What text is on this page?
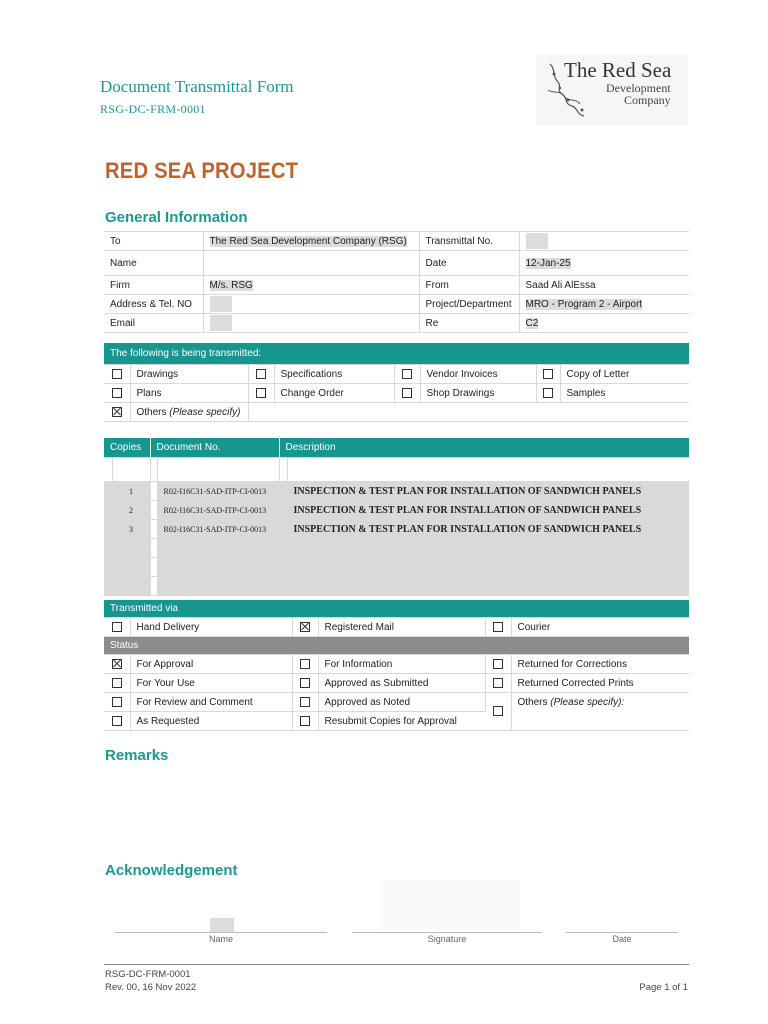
Document Transmittal Form
RSG-DC-FRM-0001
The Red Sea
Development
Company
RED SEA PROJECT
General Information
To	The Red Sea Development Company (RSG)	Transmittal No.	
Name		Date	12-Jan-25
Firm	M/s. RSG	From	Saad Ali AlEssa
Address & Tel. NO		Project/Department	MRO - Program 2 - Airport
Email		Re	C2
The following is being transmitted:							
	Drawings		Specifications		Vendor Invoices		Copy of Letter
	Plans		Change Order		Shop Drawings		Samples
	Others (Please specify)						
Copies		Document No.		Description	

	1		R02-I16C31-SAD-ITP-CI-0013		INSPECTION & TEST PLAN FOR INSTALLATION OF SANDWICH PANELS
	2		R02-I16C31-SAD-ITP-CI-0013		INSPECTION & TEST PLAN FOR INSTALLATION OF SANDWICH PANELS
	3		R02-I16C31-SAD-ITP-CI-0013		INSPECTION & TEST PLAN FOR INSTALLATION OF SANDWICH PANELS

Transmitted via					
	Hand Delivery		Registered Mail		Courier
Status					
	For Approval		For Information		Returned for Corrections
	For Your Use		Approved as Submitted		Returned Corrected Prints
	For Review and Comment		Approved as Noted		Others (Please specify):
	As Requested		Resubmit Copies for Approval		
Remarks
Acknowledgement
Name	Signature	Date
RSG-DC-FRM-0001
Rev. 00, 16 Nov 2022	Page 1 of 1
